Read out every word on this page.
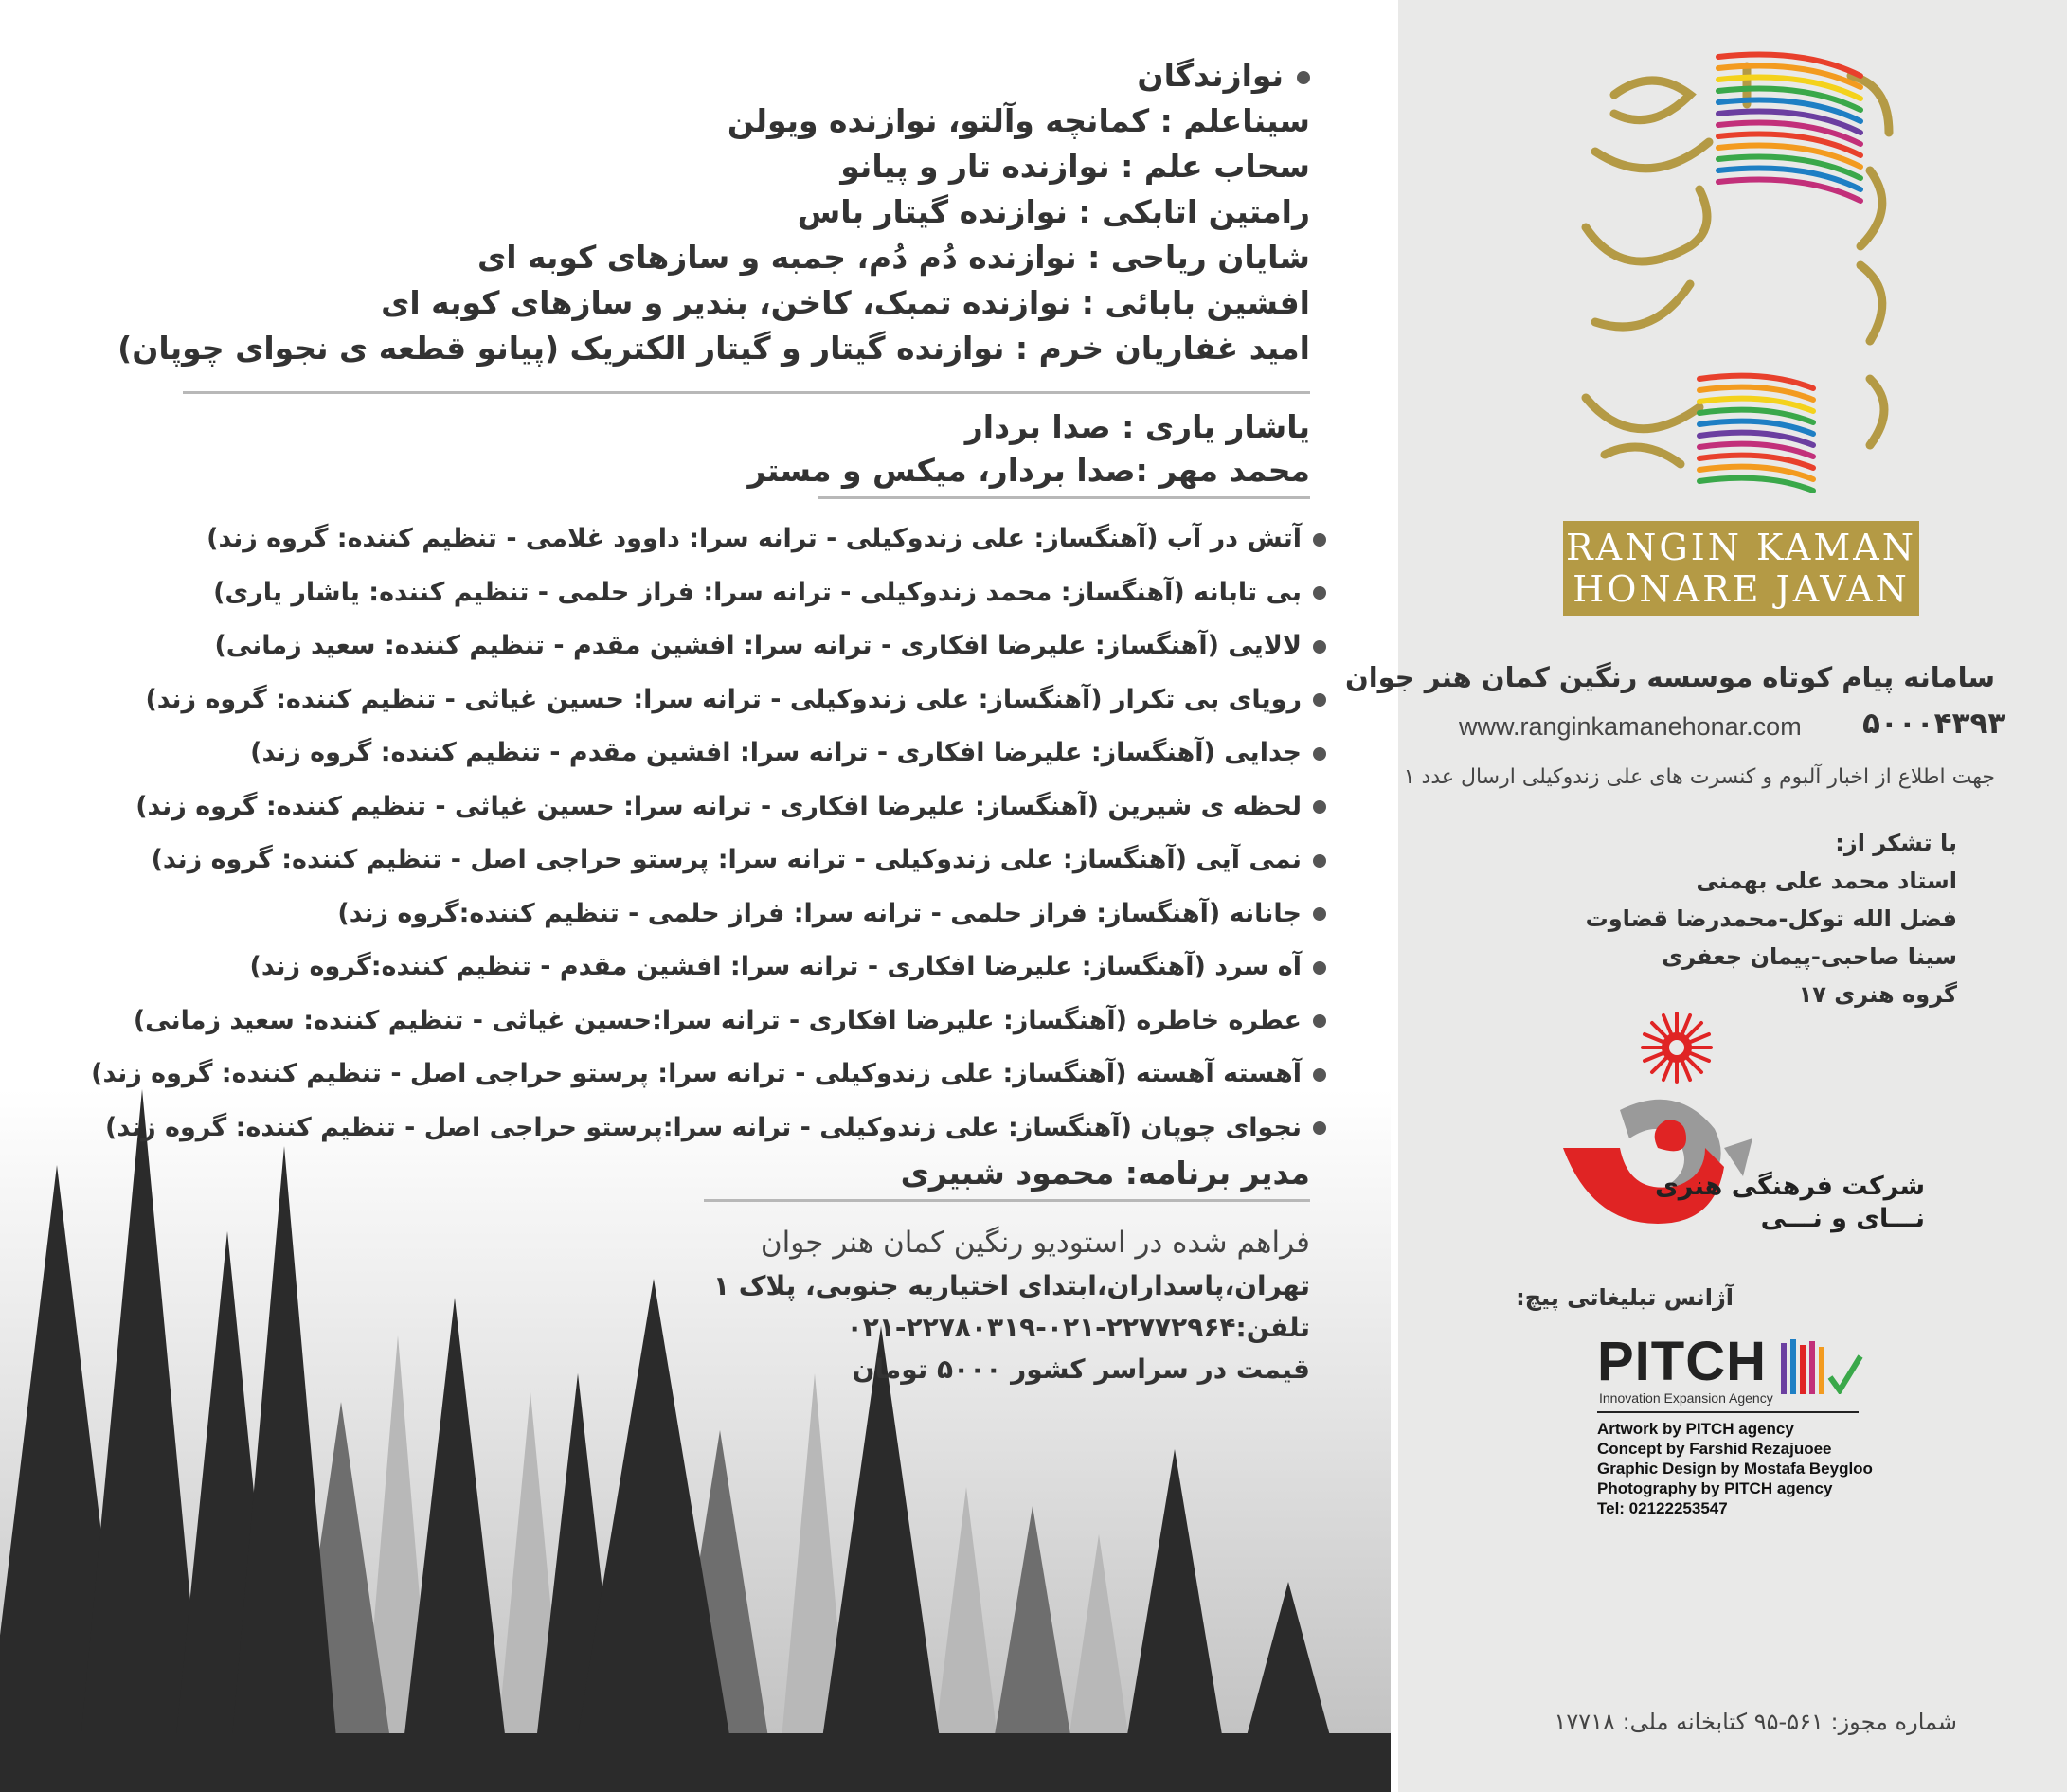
نوازندگان
سیناعلم : کمانچه وآلتو، نوازنده ویولن
سحاب علم : نوازنده تار و پیانو
رامتین اتابکی : نوازنده گیتار باس
شایان ریاحی : نوازنده دُم دُم، جمبه و سازهای کوبه ای
افشین بابائی : نوازنده تمبک، کاخن، بندیر و سازهای کوبه ای
امید غفاریان خرم : نوازنده گیتار و گیتار الکتریک (پیانو قطعه ی نجوای چوپان)
یاشار یاری : صدا بردار
محمد مهر :صدا بردار، میکس و مستر
آتش در آب (آهنگساز: علی زندوکیلی - ترانه سرا: داوود غلامی - تنظیم کننده: گروه زند)
بی تابانه (آهنگساز: محمد زندوکیلی - ترانه سرا: فراز حلمی - تنظیم کننده: یاشار یاری)
لالایی (آهنگساز: علیرضا افکاری - ترانه سرا: افشین مقدم - تنظیم کننده: سعید زمانی)
رویای بی تکرار (آهنگساز: علی زندوکیلی - ترانه سرا: حسین غیاثی - تنظیم کننده: گروه زند)
جدایی (آهنگساز: علیرضا افکاری - ترانه سرا: افشین مقدم - تنظیم کننده: گروه زند)
لحظه ی شیرین (آهنگساز: علیرضا افکاری - ترانه سرا: حسین غیاثی - تنظیم کننده: گروه زند)
نمی آیی (آهنگساز: علی زندوکیلی - ترانه سرا: پرستو حراجی اصل - تنظیم کننده: گروه زند)
جانانه (آهنگساز: فراز حلمی - ترانه سرا: فراز حلمی - تنظیم کننده:گروه زند)
آه سرد (آهنگساز: علیرضا افکاری - ترانه سرا: افشین مقدم - تنظیم کننده:گروه زند)
عطره خاطره (آهنگساز: علیرضا افکاری - ترانه سرا:حسین غیاثی - تنظیم کننده: سعید زمانی)
آهسته آهسته (آهنگساز: علی زندوکیلی - ترانه سرا: پرستو حراجی اصل - تنظیم کننده: گروه زند)
نجوای چوپان (آهنگساز: علی زندوکیلی - ترانه سرا:پرستو حراجی اصل - تنظیم کننده: گروه زند)
مدیر برنامه: محمود شبیری
فراهم شده در استودیو رنگین کمان هنر جوان
تهران،پاسداران،ابتدای اختیاریه جنوبی، پلاک ۱
تلفن:۲۲۷۷۲۹۶۴-۰۲۱-۲۲۷۸۰۳۱۹-۰۲۱
قیمت در سراسر کشور ۵۰۰۰ تومان
RANGIN KAMAN
HONARE JAVAN
سامانه پیام کوتاه موسسه رنگین کمان هنر جوان
www.ranginkamanehonar.com ۵۰۰۰۴۳۹۳
جهت اطلاع از اخبار آلبوم و کنسرت های علی زندوکیلی ارسال عدد ۱
با تشکر از:
استاد محمد علی بهمنی
فضل الله توکل-محمدرضا قضاوت
سینا صاحبی-پیمان جعفری
گروه هنری ۱۷
شرکت فرهنگی هنری
نـــای و نـــی
آژانس تبلیغاتی پیچ:
PITCH
Innovation Expansion Agency
Artwork by PITCH agency
Concept by Farshid Rezajuoee
Graphic Design by Mostafa Beygloo
Photography by PITCH agency
Tel: 02122253547
شماره مجوز: ۵۶۱-۹۵ کتابخانه ملی: ۱۷۷۱۸
